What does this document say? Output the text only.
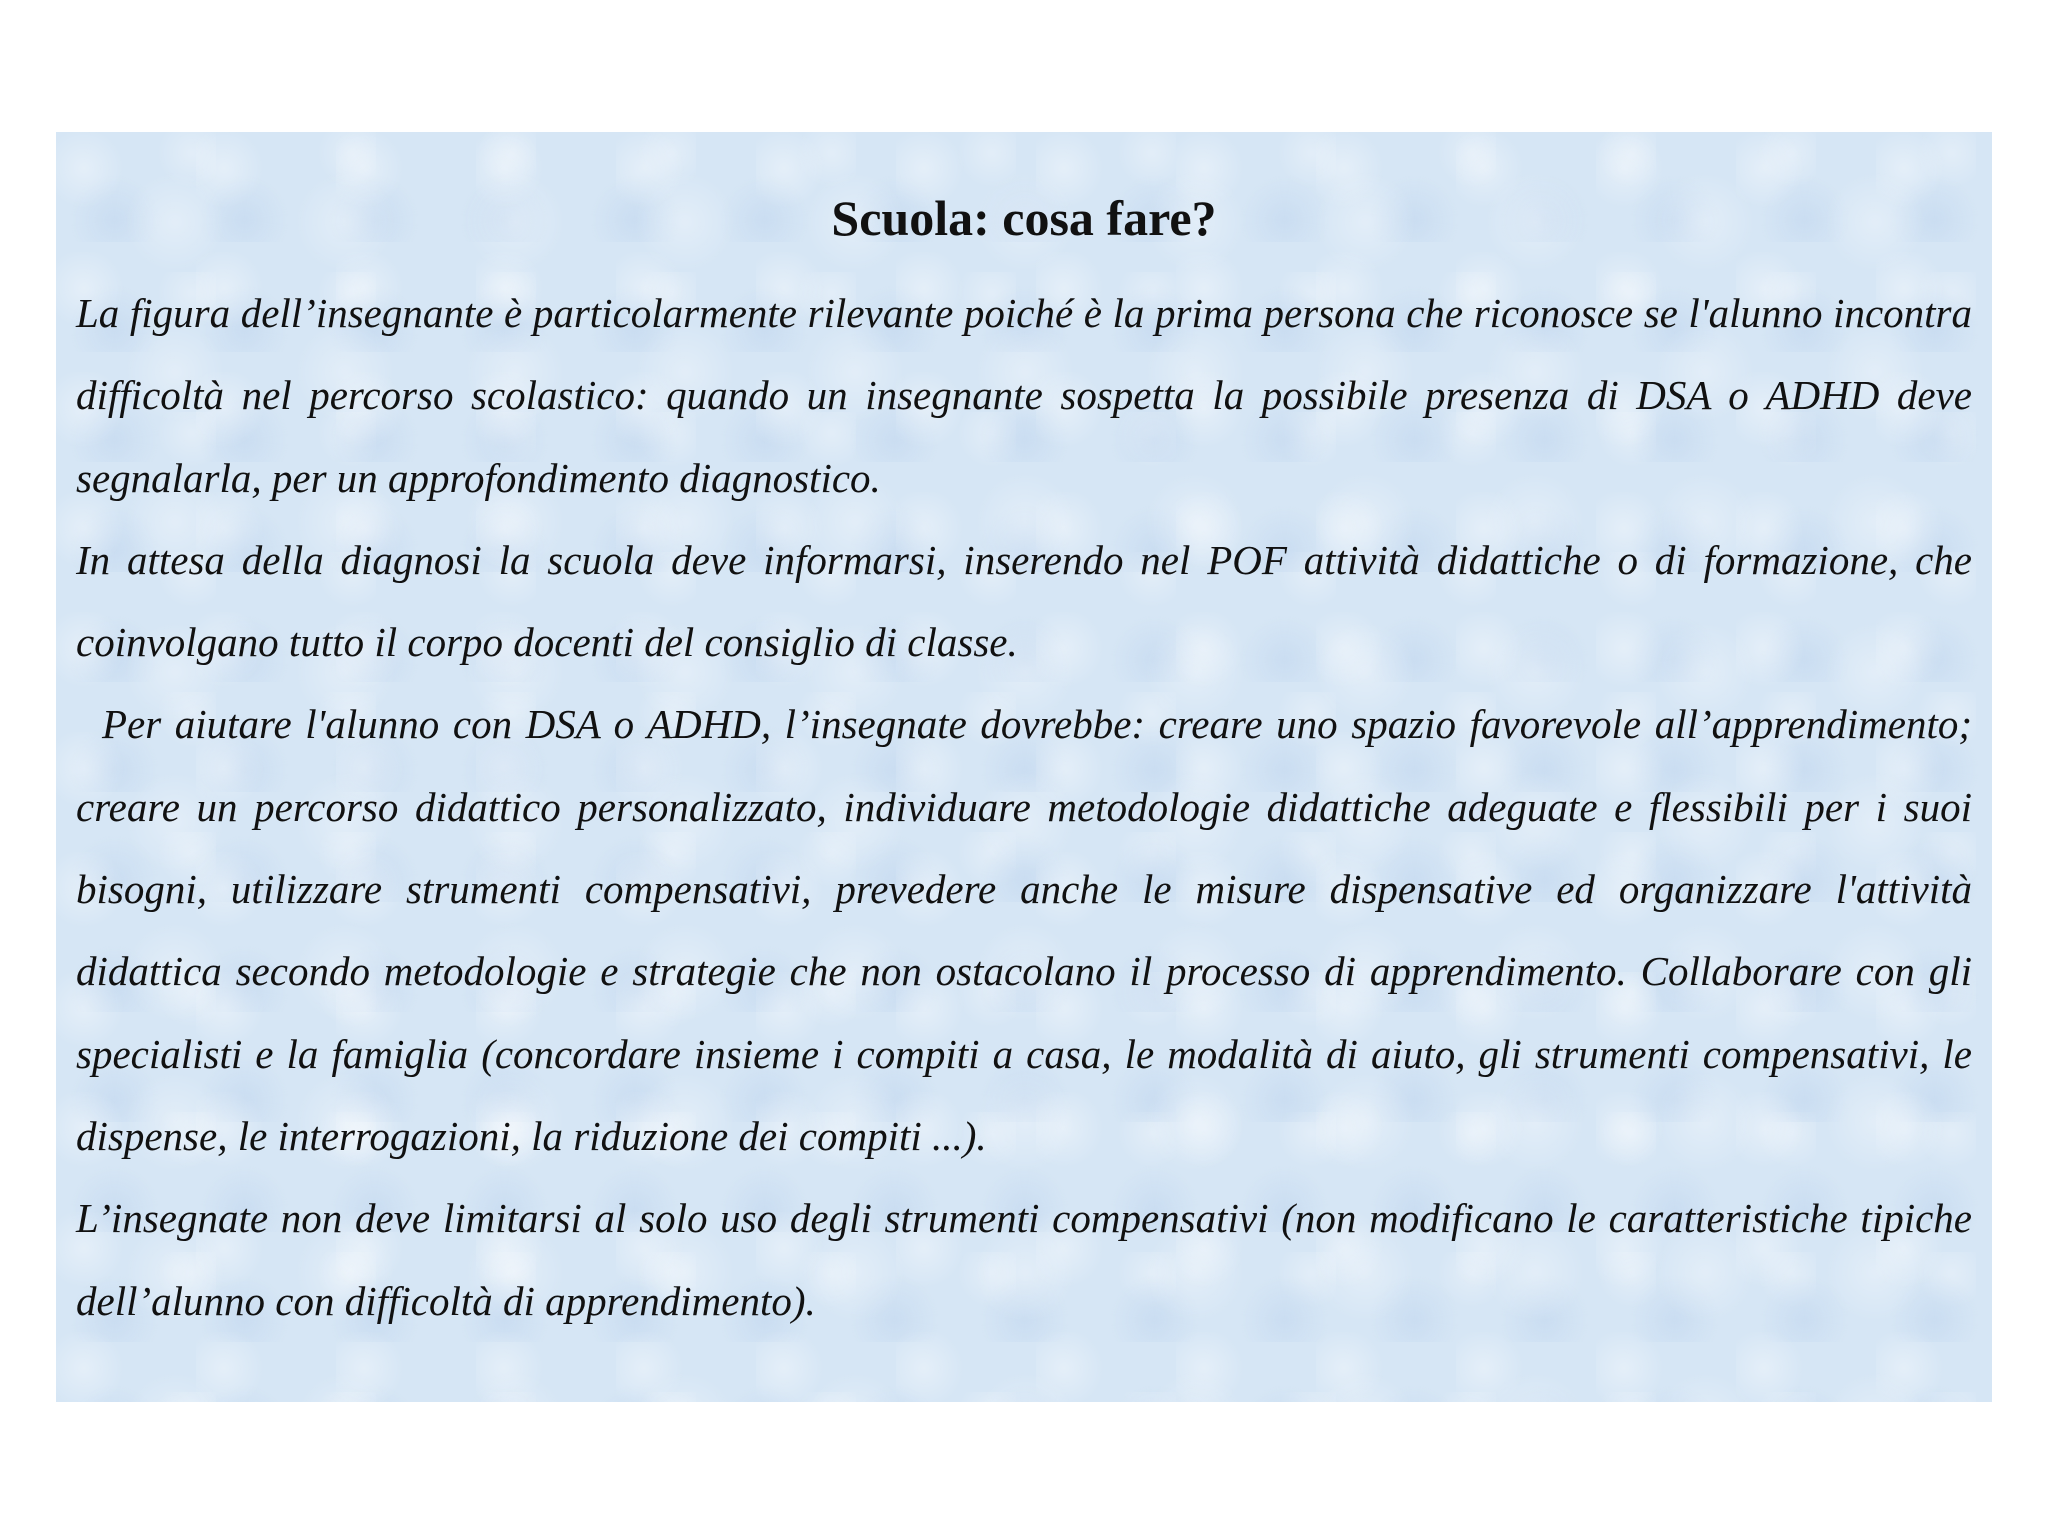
Scuola: cosa fare?

La figura dell’insegnante è particolarmente rilevante poiché è la prima persona che riconosce se l'alunno incontra difficoltà nel percorso scolastico: quando un insegnante sospetta la possibile presenza di DSA o ADHD deve segnalarla, per un approfondimento diagnostico.

In attesa della diagnosi la scuola deve informarsi, inserendo nel POF attività didattiche o di formazione, che coinvolgano tutto il corpo docenti del consiglio di classe.

Per aiutare l'alunno con DSA o ADHD, l’insegnate dovrebbe: creare uno spazio favorevole all’apprendimento; creare un percorso didattico personalizzato, individuare metodologie didattiche adeguate e flessibili per i suoi bisogni, utilizzare strumenti compensativi, prevedere anche le misure dispensative ed organizzare l'attività didattica secondo metodologie e strategie che non ostacolano il processo di apprendimento. Collaborare con gli specialisti e la famiglia (concordare insieme i compiti a casa, le modalità di aiuto, gli strumenti compensativi, le dispense, le interrogazioni, la riduzione dei compiti ...).

L’insegnate non deve limitarsi al solo uso degli strumenti compensativi (non modificano le caratteristiche tipiche dell’alunno con difficoltà di apprendimento).
